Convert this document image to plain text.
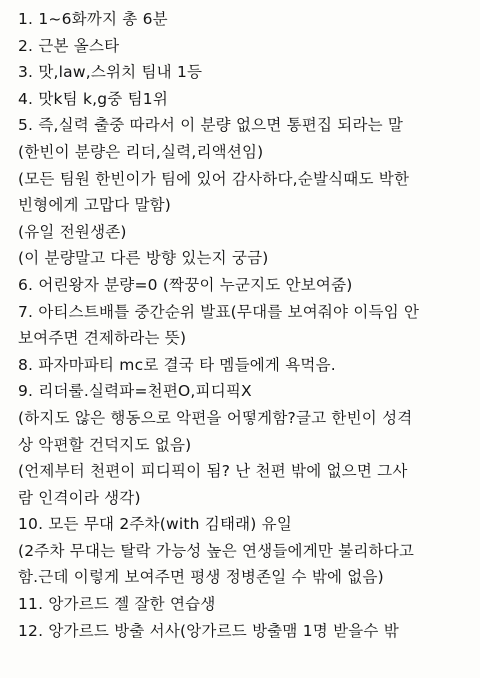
1. 1~6화까지 총 6분
2. 근본 올스타
3. 맛,law,스위치 팀내 1등
4. 맛k팀 k,g중 팀1위
5. 즉,실력 출중 따라서 이 분량 없으면 통편집 되라는 말
(한빈이 분량은 리더,실력,리액션임)
(모든 팀원 한빈이가 팀에 있어 감사하다,순발식때도 박한
빈형에게 고맙다 말함)
(유일 전원생존)
(이 분량말고 다른 방향 있는지 궁금)
6. 어린왕자 분량=0 (짝꿍이 누군지도 안보여줌)
7. 아티스트배틀 중간순위 발표(무대를 보여줘야 이득임 안
보여주면 견제하라는 뜻)
8. 파자마파티 mc로 결국 타 멤들에게 욕먹음.
9. 리더룰.실력파=천편O,피디픽X
(하지도 않은 행동으로 악편을 어떻게함?글고 한빈이 성격
상 악편할 건덕지도 없음)
(언제부터 천편이 피디픽이 됨? 난 천편 밖에 없으면 그사
람 인격이라 생각)
10. 모든 무대 2주차(with 김태래) 유일
(2주차 무대는 탈락 가능성 높은 연생들에게만 불리하다고
함.근데 이렇게 보여주면 평생 정병존일 수 밖에 없음)
11. 앙가르드 젤 잘한 연습생
12. 앙가르드 방출 서사(앙가르드 방출맴 1명 받을수 밖
